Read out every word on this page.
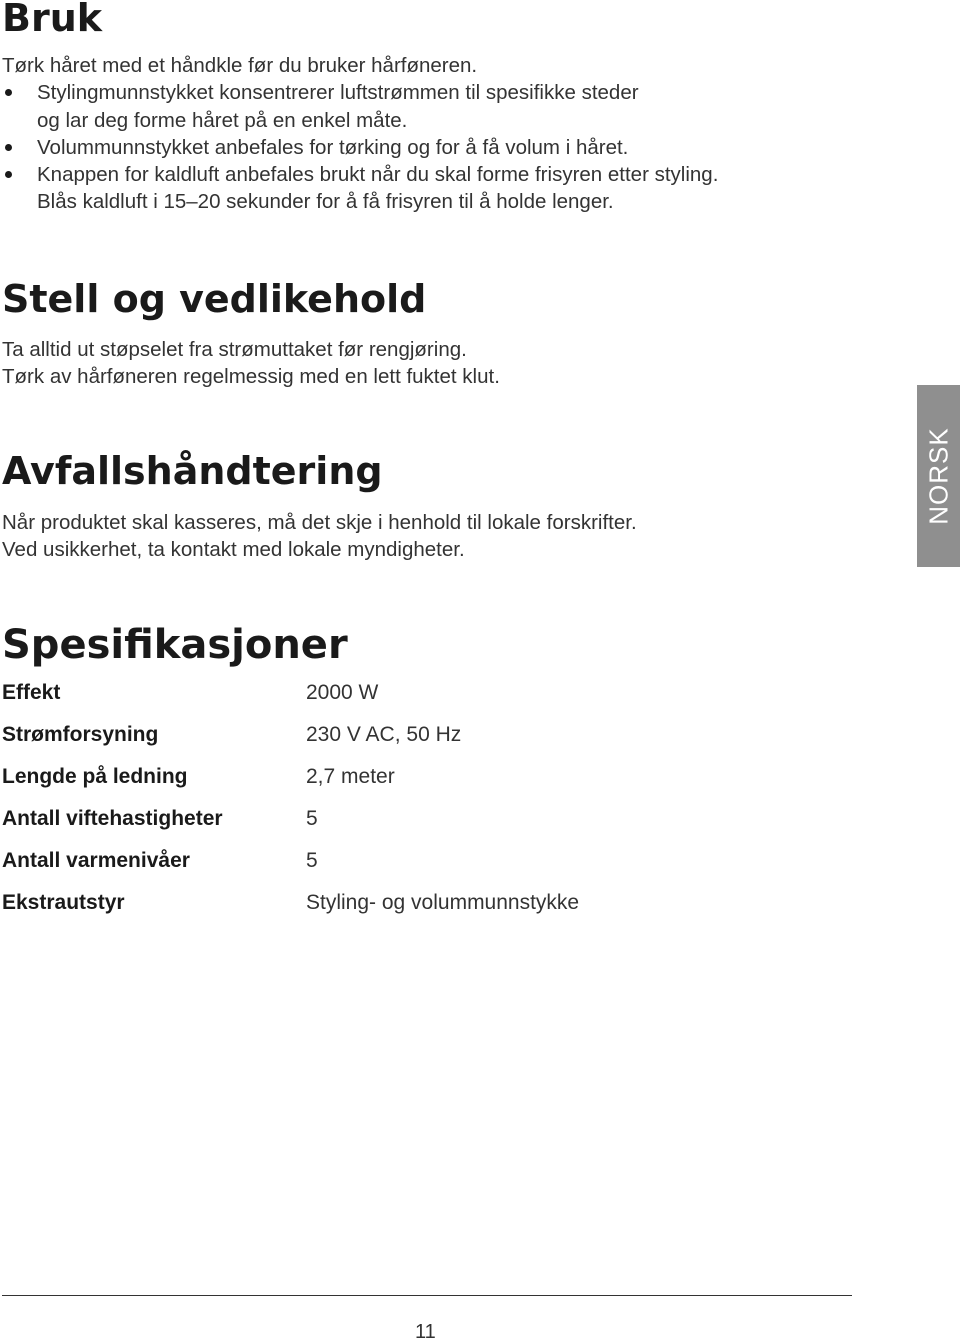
Bruk
Tørk håret med et håndkle før du bruker hårføneren.
Stylingmunnstykket konsentrerer luftstrømmen til spesifikke steder
og lar deg forme håret på en enkel måte.
Volummunnstykket anbefales for tørking og for å få volum i håret.
Knappen for kaldluft anbefales brukt når du skal forme frisyren etter styling.
Blås kaldluft i 15–20 sekunder for å få frisyren til å holde lenger.
Stell og vedlikehold
Ta alltid ut støpselet fra strømuttaket før rengjøring.
Tørk av hårføneren regelmessig med en lett fuktet klut.
Avfallshåndtering
Når produktet skal kasseres, må det skje i henhold til lokale forskrifter.
Ved usikkerhet, ta kontakt med lokale myndigheter.
Spesifikasjoner
Effekt	2000 W
Strømforsyning	230 V AC, 50 Hz
Lengde på ledning	2,7 meter
Antall viftehastigheter	5
Antall varmenivåer	5
Ekstrautstyr	Styling- og volummunnstykke
NORSK
11
